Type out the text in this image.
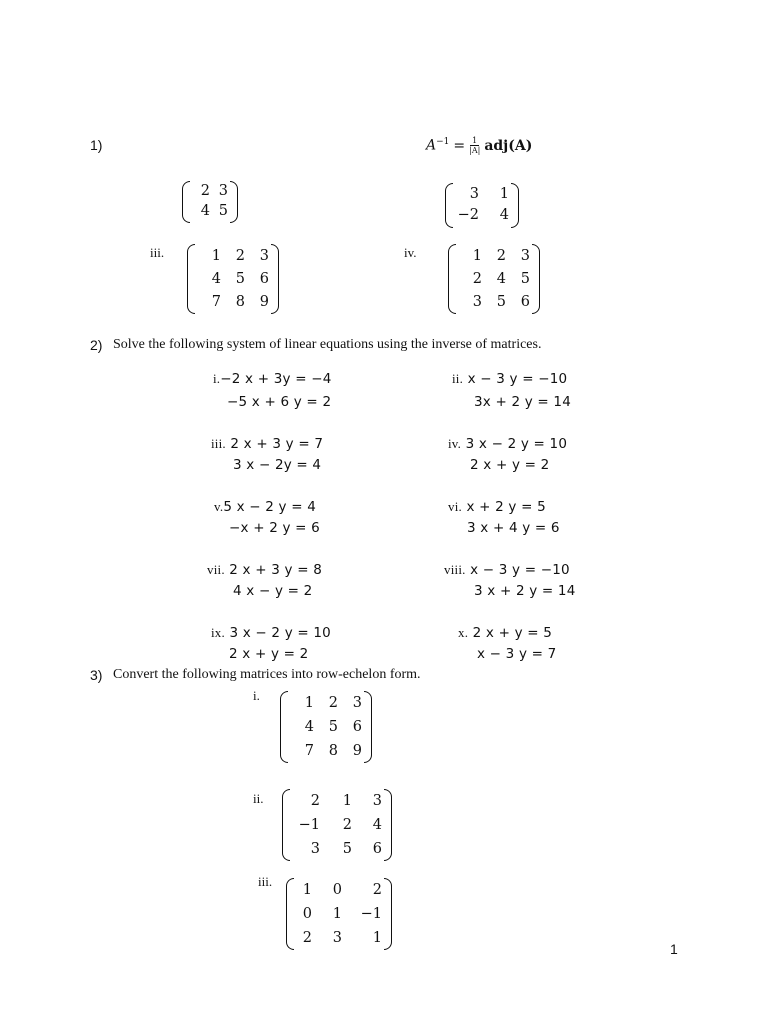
1)	$A^{-1} = \frac{1}{|A|} adj(A)$
2 3
4 5
3	1
−2	4
iii.	1	2	3
4	5	6
7	8	9
iv.	1	2	3
2	4	5
3	5	6
2) Solve the following system of linear equations using the inverse of matrices.
i.−2 x + 3y = −4
−5 x + 6 y = 2
ii. x − 3 y = −10
3x + 2 y = 14
iii. 2 x + 3 y = 7
3 x − 2y = 4
iv. 3 x − 2 y = 10
2 x + y = 2
v.5 x − 2 y = 4
−x + 2 y = 6
vi. x + 2 y = 5
3 x + 4 y = 6
vii. 2 x + 3 y = 8
4 x − y = 2
viii. x − 3 y = −10
3 x + 2 y = 14
ix. 3 x − 2 y = 10
2 x + y = 2
x. 2 x + y = 5
x − 3 y = 7
3) Convert the following matrices into row-echelon form.
i.	1	2	3
4	5	6
7	8	9
ii.	2	1	3
−1	2	4
3	5	6
iii.
1	0	2
0	1	−1
2	3	1
1
